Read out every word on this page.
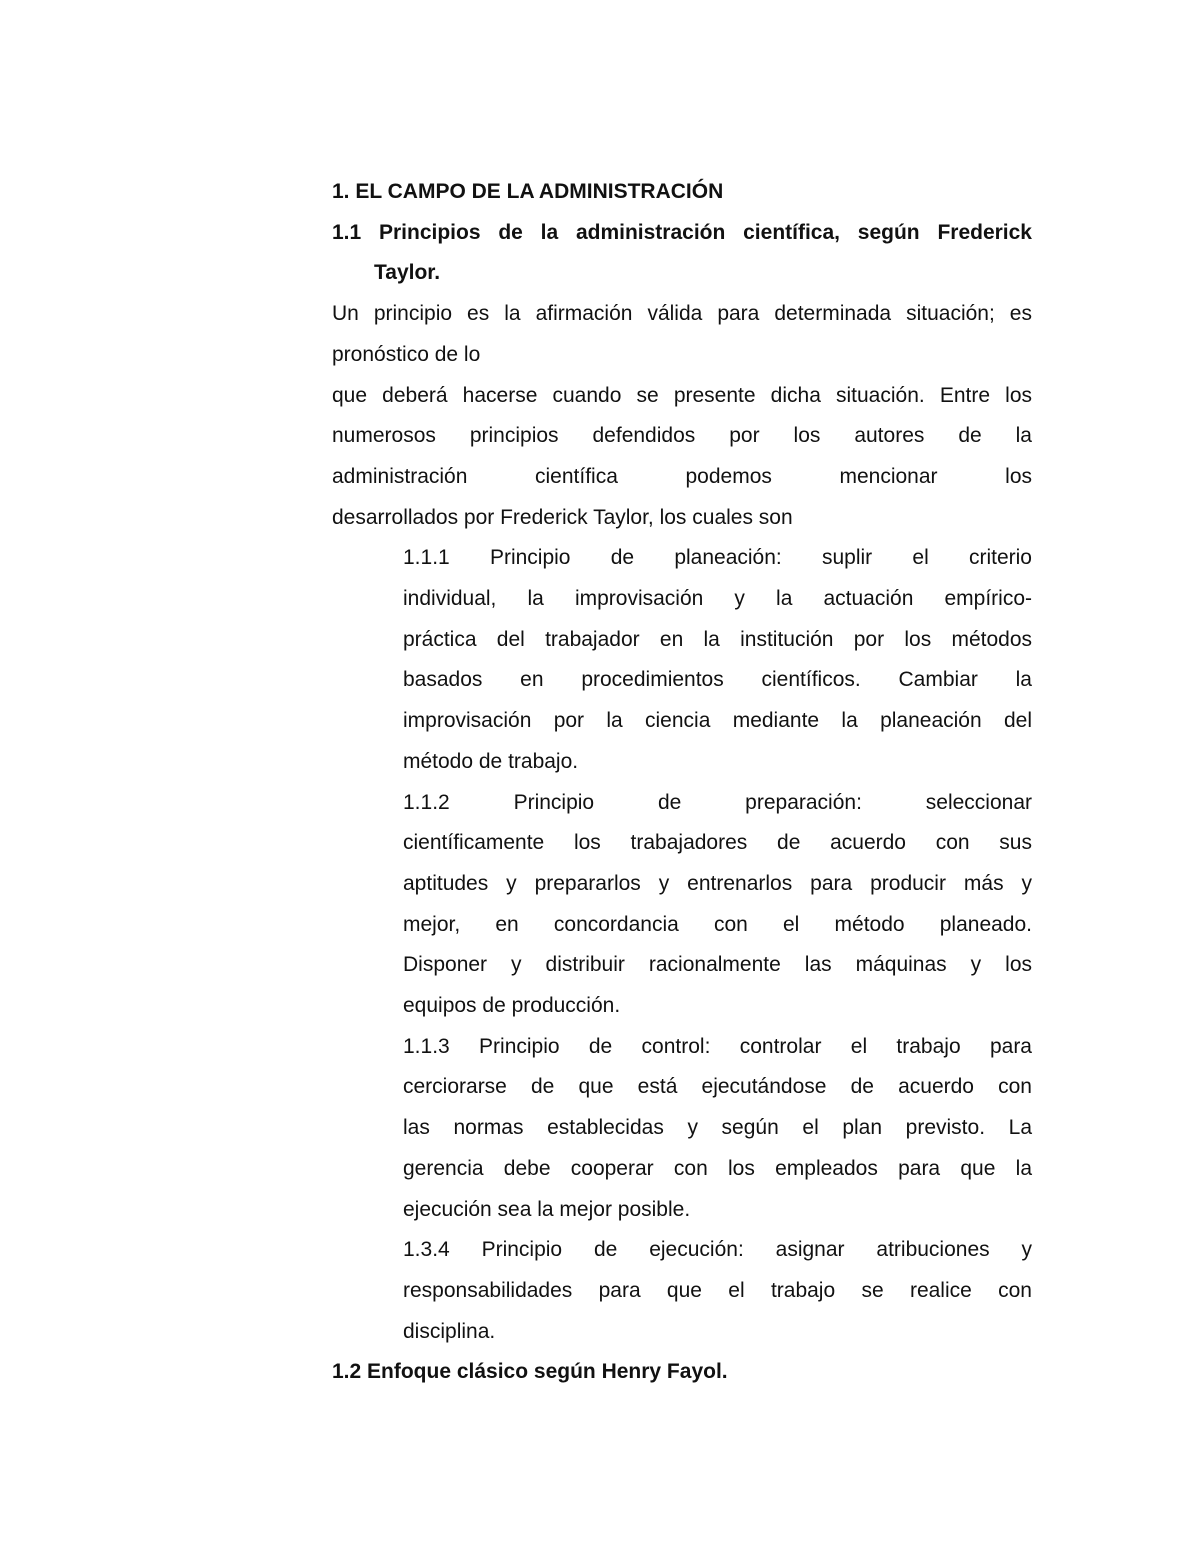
1. EL CAMPO DE LA ADMINISTRACIÓN
1.1 Principios de la administración científica, según Frederick
Taylor.
Un principio es la afirmación válida para determinada situación; es
pronóstico de lo
que deberá hacerse cuando se presente dicha situación. Entre los
numerosos principios defendidos por los autores de la
administración científica podemos mencionar los
desarrollados por Frederick Taylor, los cuales son
1.1.1 Principio de planeación: suplir el criterio
individual, la improvisación y la actuación empírico-
práctica del trabajador en la institución por los métodos
basados en procedimientos científicos. Cambiar la
improvisación por la ciencia mediante la planeación del
método de trabajo.
1.1.2 Principio de preparación: seleccionar
científicamente los trabajadores de acuerdo con sus
aptitudes y prepararlos y entrenarlos para producir más y
mejor, en concordancia con el método planeado.
Disponer y distribuir racionalmente las máquinas y los
equipos de producción.
1.1.3 Principio de control: controlar el trabajo para
cerciorarse de que está ejecutándose de acuerdo con
las normas establecidas y según el plan previsto. La
gerencia debe cooperar con los empleados para que la
ejecución sea la mejor posible.
1.3.4 Principio de ejecución: asignar atribuciones y
responsabilidades para que el trabajo se realice con
disciplina.
1.2 Enfoque clásico según Henry Fayol.
